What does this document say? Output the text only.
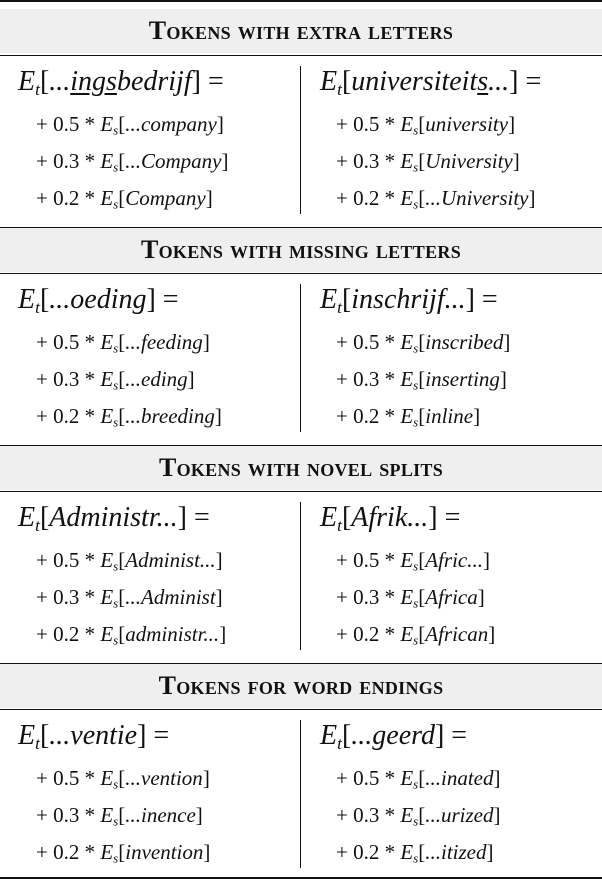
Tokens with extra letters
$E_t[...ingsbedrijf]$ =
+ $0.5 * E_s[...company]$
+ $0.3 * E_s[...Company]$
+ $0.2 * E_s[Company]$
$E_t[universiteits...]$ =
+ $0.5 * E_s[university]$
+ $0.3 * E_s[University]$
+ $0.2 * E_s[...University]$
Tokens with missing letters
$E_t[...oeding]$ =
+ $0.5 * E_s[...feeding]$
+ $0.3 * E_s[...eding]$
+ $0.2 * E_s[...breeding]$
$E_t[inschrijf...]$ =
+ $0.5 * E_s[inscribed]$
+ $0.3 * E_s[inserting]$
+ $0.2 * E_s[inline]$
Tokens with novel splits
$E_t[Administr...]$ =
+ $0.5 * E_s[Administ...]$
+ $0.3 * E_s[...Administ]$
+ $0.2 * E_s[administr...]$
$E_t[Afrik...]$ =
+ $0.5 * E_s[Afric...]$
+ $0.3 * E_s[Africa]$
+ $0.2 * E_s[African]$
Tokens for word endings
$E_t[...ventie]$ =
+ $0.5 * E_s[...vention]$
+ $0.3 * E_s[...inence]$
+ $0.2 * E_s[invention]$
$E_t[...geerd]$ =
+ $0.5 * E_s[...inated]$
+ $0.3 * E_s[...urized]$
+ $0.2 * E_s[...itized]$
